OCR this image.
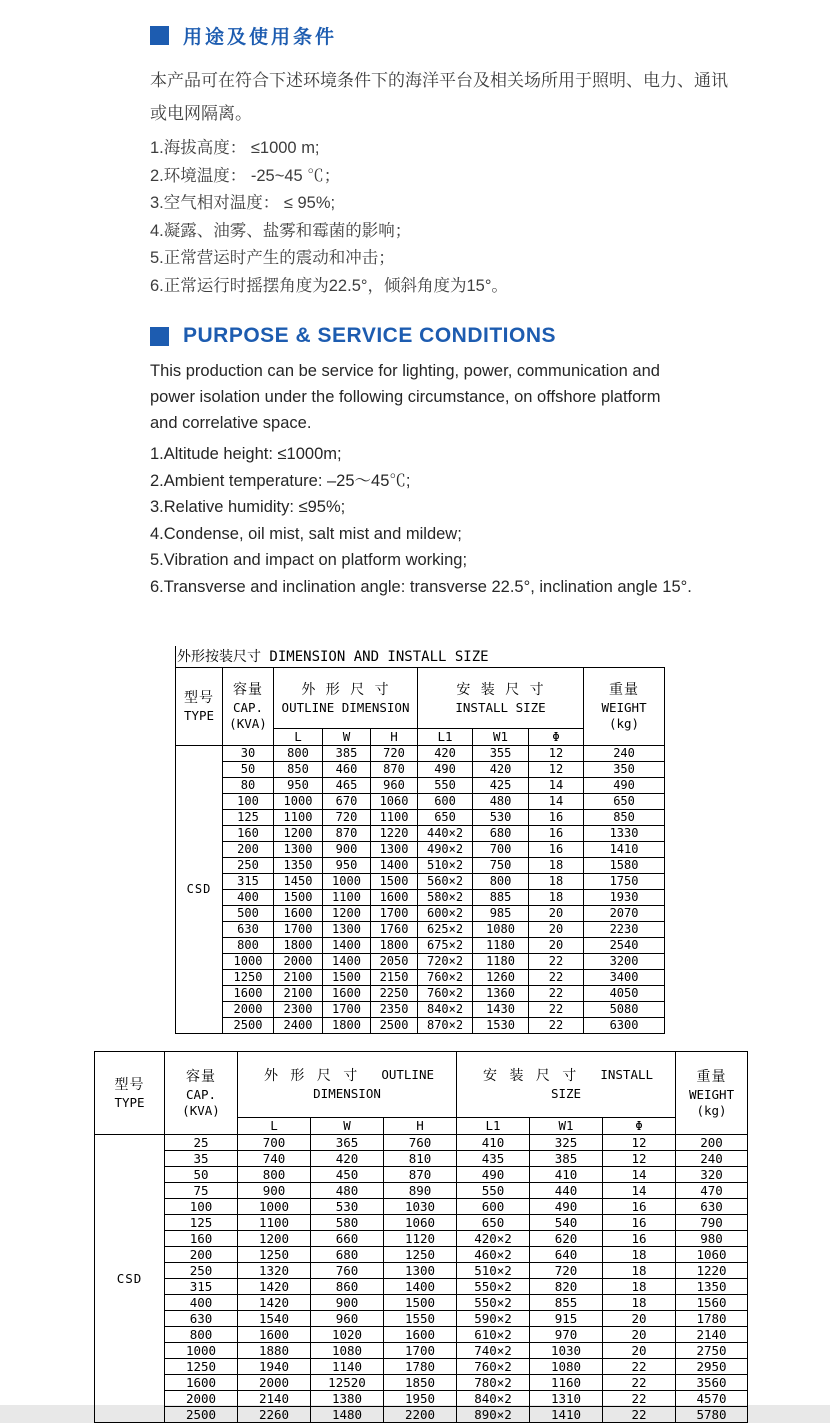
用途及使用条件

本产品可在符合下述环境条件下的海洋平台及相关场所用于照明、电力、通讯或电网隔离。

1.海拔高度： ≤1000 m;
2.环境温度： -25~45 ℃；
3.空气相对温度： ≤ 95%;
4.凝露、油雾、盐雾和霉菌的影响；
5.正常营运时产生的震动和冲击；
6.正常运行时摇摆角度为22.5°，倾斜角度为15°。
PURPOSE & SERVICE CONDITIONS

This production can be service for lighting, power, communication and power isolation under the following circumstance, on offshore platform and correlative space.

1.Altitude height: ≤1000m;
2.Ambient temperature: –25～45℃;
3.Relative humidity: ≤95%;
4.Condense, oil mist, salt mist and mildew;
5.Vibration and impact on platform working;
6.Transverse and inclination angle: transverse 22.5°, inclination angle 15°.
外形按装尺寸 DIMENSION AND INSTALL SIZE
型号
TYPE

容量
CAP.
(KVA)

外 形 尺 寸
OUTLINE DIMENSION

安 装 尺 寸
INSTALL SIZE

重量
WEIGHT
(kg)

		L	W	H	L1	W1	Φ	
CSD	30	800	385	720	420	355	12	240
	50	850	460	870	490	420	12	350
	80	950	465	960	550	425	14	490
	100	1000	670	1060	600	480	14	650
	125	1100	720	1100	650	530	16	850
	160	1200	870	1220	440×2	680	16	1330
	200	1300	900	1300	490×2	700	16	1410
	250	1350	950	1400	510×2	750	18	1580
	315	1450	1000	1500	560×2	800	18	1750
	400	1500	1100	1600	580×2	885	18	1930
	500	1600	1200	1700	600×2	985	20	2070
	630	1700	1300	1760	625×2	1080	20	2230
	800	1800	1400	1800	675×2	1180	20	2540
	1000	2000	1400	2050	720×2	1180	22	3200
	1250	2100	1500	2150	760×2	1260	22	3400
	1600	2100	1600	2250	760×2	1360	22	4050
	2000	2300	1700	2350	840×2	1430	22	5080
	2500	2400	1800	2500	870×2	1530	22	6300
型号
TYPE

容量
CAP.
(KVA)

外 形 尺 寸 OUTLINE
DIMENSION

安 装 尺 寸 INSTALL
SIZE

重量
WEIGHT
(kg)

		L	W	H	L1	W1	Φ	
CSD	25	700	365	760	410	325	12	200
	35	740	420	810	435	385	12	240
	50	800	450	870	490	410	14	320
	75	900	480	890	550	440	14	470
	100	1000	530	1030	600	490	16	630
	125	1100	580	1060	650	540	16	790
	160	1200	660	1120	420×2	620	16	980
	200	1250	680	1250	460×2	640	18	1060
	250	1320	760	1300	510×2	720	18	1220
	315	1420	860	1400	550×2	820	18	1350
	400	1420	900	1500	550×2	855	18	1560
	630	1540	960	1550	590×2	915	20	1780
	800	1600	1020	1600	610×2	970	20	2140
	1000	1880	1080	1700	740×2	1030	20	2750
	1250	1940	1140	1780	760×2	1080	22	2950
	1600	2000	12520	1850	780×2	1160	22	3560
	2000	2140	1380	1950	840×2	1310	22	4570
	2500	2260	1480	2200	890×2	1410	22	5780
